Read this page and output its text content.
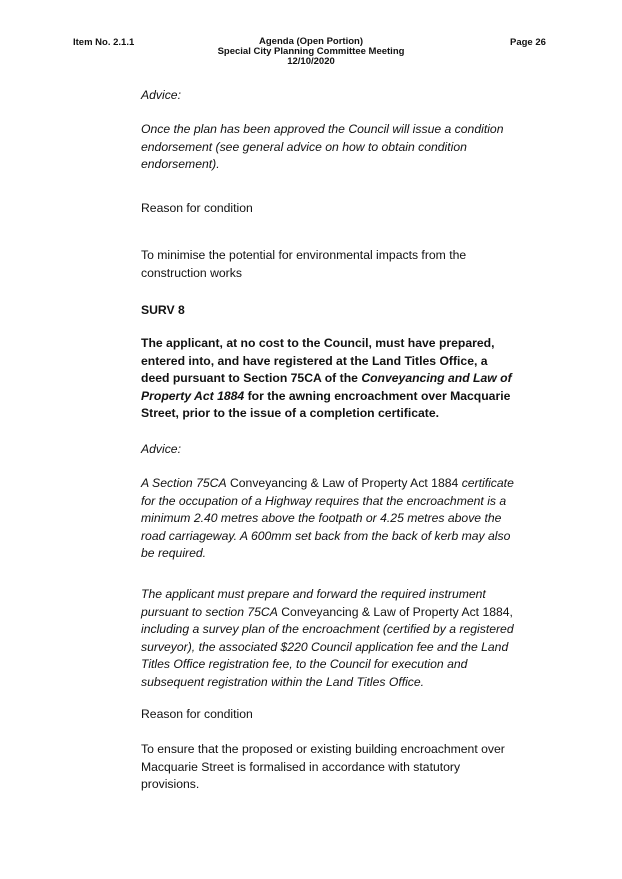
Item No. 2.1.1	Agenda (Open Portion)
Special City Planning Committee Meeting
12/10/2020
Page 26
Advice:

Once the plan has been approved the Council will issue a condition

endorsement (see general advice on how to obtain condition

endorsement).

Reason for condition

To minimise the potential for environmental impacts from the

construction works

SURV 8

The applicant, at no cost to the Council, must have prepared,

entered into, and have registered at the Land Titles Office, a

deed pursuant to Section 75CA of the Conveyancing and Law of

Property Act 1884 for the awning encroachment over Macquarie

Street, prior to the issue of a completion certificate.

Advice:

A Section 75CA Conveyancing & Law of Property Act 1884 certificate

for the occupation of a Highway requires that the encroachment is a

minimum 2.40 metres above the footpath or 4.25 metres above the

road carriageway. A 600mm set back from the back of kerb may also

be required.

The applicant must prepare and forward the required instrument

pursuant to section 75CA Conveyancing & Law of Property Act 1884,

including a survey plan of the encroachment (certified by a registered

surveyor), the associated $220 Council application fee and the Land

Titles Office registration fee, to the Council for execution and

subsequent registration within the Land Titles Office.

Reason for condition

To ensure that the proposed or existing building encroachment over

Macquarie Street is formalised in accordance with statutory

provisions.
